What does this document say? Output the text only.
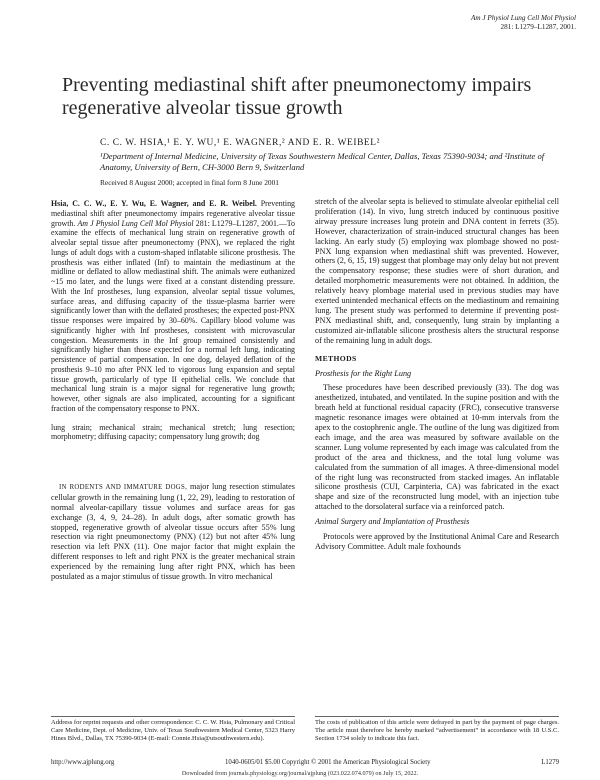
Am J Physiol Lung Cell Mol Physiol
281: L1279–L1287, 2001.
Preventing mediastinal shift after pneumonectomy impairs regenerative alveolar tissue growth
C. C. W. HSIA,¹ E. Y. WU,¹ E. WAGNER,² AND E. R. WEIBEL²
¹Department of Internal Medicine, University of Texas Southwestern Medical Center, Dallas, Texas 75390-9034; and ²Institute of Anatomy, University of Bern, CH-3000 Bern 9, Switzerland
Received 8 August 2000; accepted in final form 8 June 2001

Hsia, C. C. W., E. Y. Wu, E. Wagner, and E. R. Weibel. Preventing mediastinal shift after pneumonectomy impairs regenerative alveolar tissue growth. Am J Physiol Lung Cell Mol Physiol 281: L1279–L1287, 2001.—To examine the effects of mechanical lung strain on regenerative growth of alveolar septal tissue after pneumonectomy (PNX), we replaced the right lungs of adult dogs with a custom-shaped inflatable silicone prosthesis. The prosthesis was either inflated (Inf) to maintain the mediastinum at the midline or deflated to allow mediastinal shift. The animals were euthanized ~15 mo later, and the lungs were fixed at a constant distending pressure. With the Inf prostheses, lung expansion, alveolar septal tissue volumes, surface areas, and diffusing capacity of the tissue-plasma barrier were significantly lower than with the deflated prostheses; the expected post-PNX tissue responses were impaired by 30–60%. Capillary blood volume was significantly higher with Inf prostheses, consistent with microvascular congestion. Measurements in the Inf group remained consistently and significantly higher than those expected for a normal left lung, indicating persistence of partial compensation. In one dog, delayed deflation of the prosthesis 9–10 mo after PNX led to vigorous lung expansion and septal tissue growth, particularly of type II epithelial cells. We conclude that mechanical lung strain is a major signal for regenerative lung growth; however, other signals are also implicated, accounting for a significant fraction of the compensatory response to PNX.

lung strain; mechanical strain; mechanical stretch; lung resection; morphometry; diffusing capacity; compensatory lung growth; dog

IN RODENTS AND IMMATURE DOGS, major lung resection stimulates cellular growth in the remaining lung (1, 22, 29), leading to restoration of normal alveolar-capillary tissue volumes and surface areas for gas exchange (3, 4, 9, 24–28). In adult dogs, after somatic growth has stopped, regenerative growth of alveolar tissue occurs after 55% lung resection via right pneumonectomy (PNX) (12) but not after 45% lung resection via left PNX (11). One major factor that might explain the different responses to left and right PNX is the greater mechanical strain experienced by the remaining lung after right PNX, which has been postulated as a major stimulus of tissue growth. In vitro mechanical

stretch of the alveolar septa is believed to stimulate alveolar epithelial cell proliferation (14). In vivo, lung stretch induced by continuous positive airway pressure increases lung protein and DNA content in ferrets (35). However, characterization of strain-induced structural changes has been lacking. An early study (5) employing wax plombage showed no post-PNX lung expansion when mediastinal shift was prevented. However, others (2, 6, 15, 19) suggest that plombage may only delay but not prevent the compensatory response; these studies were of short duration, and detailed morphometric measurements were not obtained. In addition, the relatively heavy plombage material used in previous studies may have exerted unintended mechanical effects on the mediastinum and remaining lung. The present study was performed to determine if preventing post-PNX mediastinal shift, and, consequently, lung strain by implanting a customized air-inflatable silicone prosthesis alters the structural response of the remaining lung in adult dogs.

METHODS

Prosthesis for the Right Lung

These procedures have been described previously (33). The dog was anesthetized, intubated, and ventilated. In the supine position and with the breath held at functional residual capacity (FRC), consecutive transverse magnetic resonance images were obtained at 10-mm intervals from the apex to the costophrenic angle. The outline of the lung was digitized from each image, and the area was measured by software available on the scanner. Lung volume represented by each image was calculated from the product of the area and thickness, and the total lung volume was calculated from the summation of all images. A three-dimensional model of the right lung was reconstructed from stacked images. An inflatable silicone prosthesis (CUI, Carpinteria, CA) was fabricated in the exact shape and size of the reconstructed lung model, with an injection tube attached to the dorsolateral surface via a reinforced patch.

Animal Surgery and Implantation of Prosthesis

Protocols were approved by the Institutional Animal Care and Research Advisory Committee. Adult male foxhounds

Address for reprint requests and other correspondence: C. C. W. Hsia, Pulmonary and Critical Care Medicine, Dept. of Medicine, Univ. of Texas Southwestern Medical Center, 5323 Harry Hines Blvd., Dallas, TX 75390-9034 (E-mail: Connie.Hsia@utsouthwestern.edu).
The costs of publication of this article were defrayed in part by the payment of page charges. The article must therefore be hereby marked “advertisement” in accordance with 18 U.S.C. Section 1734 solely to indicate this fact.
http://www.ajplung.org	1040-0605/01 $5.00 Copyright © 2001 the American Physiological Society	L1279
Downloaded from journals.physiology.org/journal/ajplung (023.022.074.079) on July 15, 2022.
